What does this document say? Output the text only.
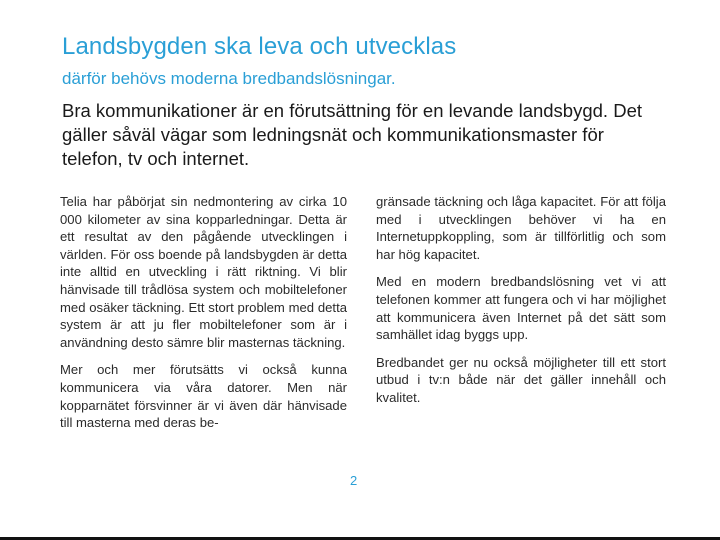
Landsbygden ska leva och utvecklas
därför behövs moderna bredbandslösningar.

Bra kommunikationer är en förutsättning för en levande landsbygd. Det gäller såväl vägar som ledningsnät och kommunikationsmaster för telefon, tv och internet.

Telia har påbörjat sin nedmontering av cirka 10 000 kilometer av sina kopparledningar. Detta är ett resultat av den pågående utvecklingen i världen. För oss boende på landsbygden är detta inte alltid en utveckling i rätt riktning. Vi blir hänvisade till trådlösa system och mobiltelefoner med osäker täckning. Ett stort problem med detta system är att ju fler mobiltelefoner som är i användning desto sämre blir masternas täckning.

Mer och mer förutsätts vi också kunna kommunicera via våra datorer. Men när kopparnätet försvinner är vi även där hänvisade till masterna med deras be-

gränsade täckning och låga kapacitet. För att följa med i utvecklingen behöver vi ha en Internetuppkoppling, som är tillförlitlig och som har hög kapacitet.

Med en modern bredbandslösning vet vi att telefonen kommer att fungera och vi har möjlighet att kommunicera även Internet på det sätt som samhället idag byggs upp.

Bredbandet ger nu också möjligheter till ett stort utbud i tv:n både när det gäller innehåll och kvalitet.

2
